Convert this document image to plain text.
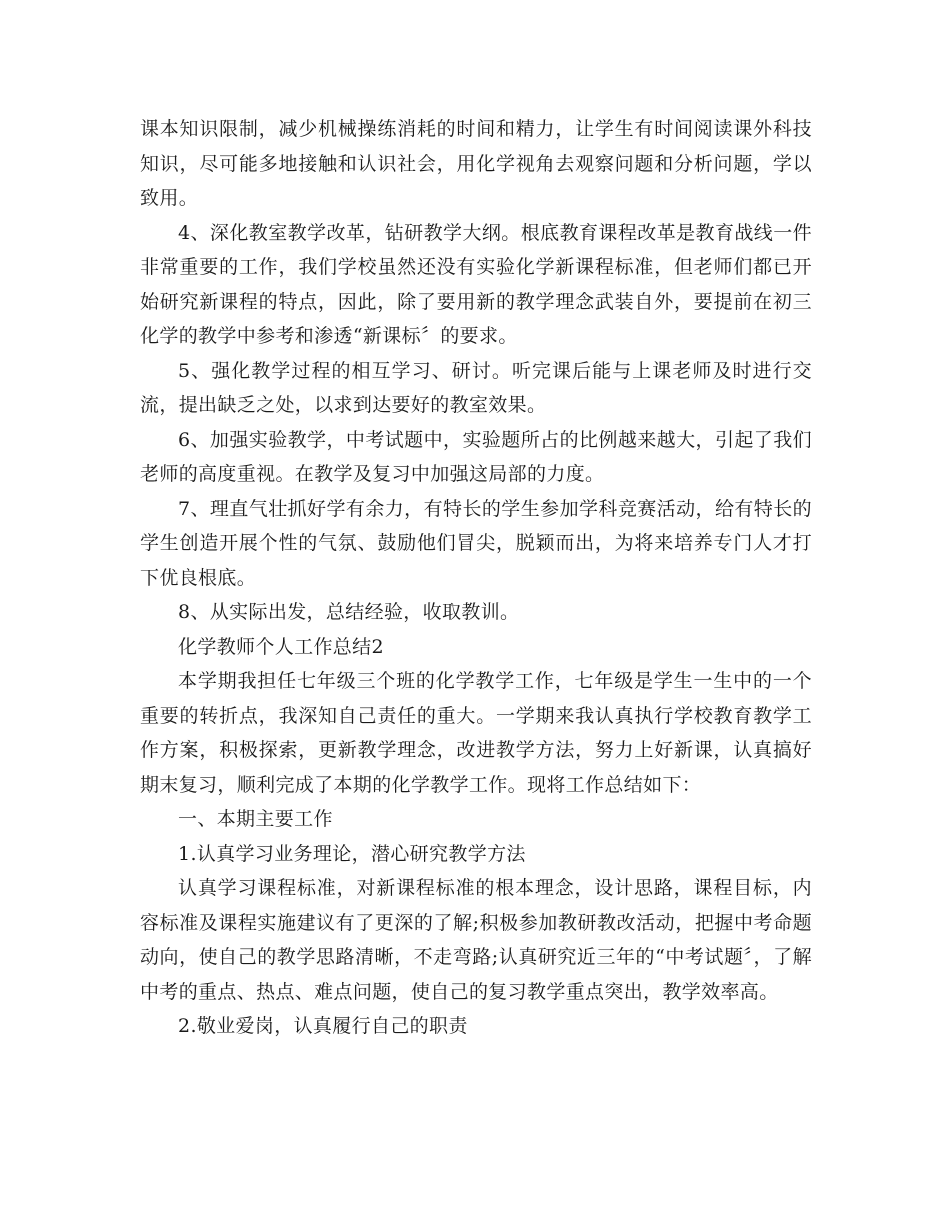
课本知识限制，减少机械操练消耗的时间和精力，让学生有时间阅读课外科技知识，尽可能多地接触和认识社会，用化学视角去观察问题和分析问题，学以致用。

4、深化教室教学改革，钻研教学大纲。根底教育课程改革是教育战线一件非常重要的工作，我们学校虽然还没有实验化学新课程标准，但老师们都已开始研究新课程的特点，因此，除了要用新的教学理念武装自外，要提前在初三化学的教学中参考和渗透“新课标〞的要求。

5、强化教学过程的相互学习、研讨。听完课后能与上课老师及时进行交流，提出缺乏之处，以求到达要好的教室效果。

6、加强实验教学，中考试题中，实验题所占的比例越来越大，引起了我们老师的高度重视。在教学及复习中加强这局部的力度。

7、理直气壮抓好学有余力，有特长的学生参加学科竞赛活动，给有特长的学生创造开展个性的气氛、鼓励他们冒尖，脱颖而出，为将来培养专门人才打下优良根底。

8、从实际出发，总结经验，收取教训。

化学教师个人工作总结2

本学期我担任七年级三个班的化学教学工作，七年级是学生一生中的一个重要的转折点，我深知自己责任的重大。一学期来我认真执行学校教育教学工作方案，积极探索，更新教学理念，改进教学方法，努力上好新课，认真搞好期末复习，顺利完成了本期的化学教学工作。现将工作总结如下：

一、本期主要工作

1.认真学习业务理论，潜心研究教学方法

认真学习课程标准，对新课程标准的根本理念，设计思路，课程目标，内容标准及课程实施建议有了更深的了解;积极参加教研教改活动，把握中考命题动向，使自己的教学思路清晰，不走弯路;认真研究近三年的“中考试题〞，了解中考的重点、热点、难点问题，使自己的复习教学重点突出，教学效率高。

2.敬业爱岗，认真履行自己的职责
